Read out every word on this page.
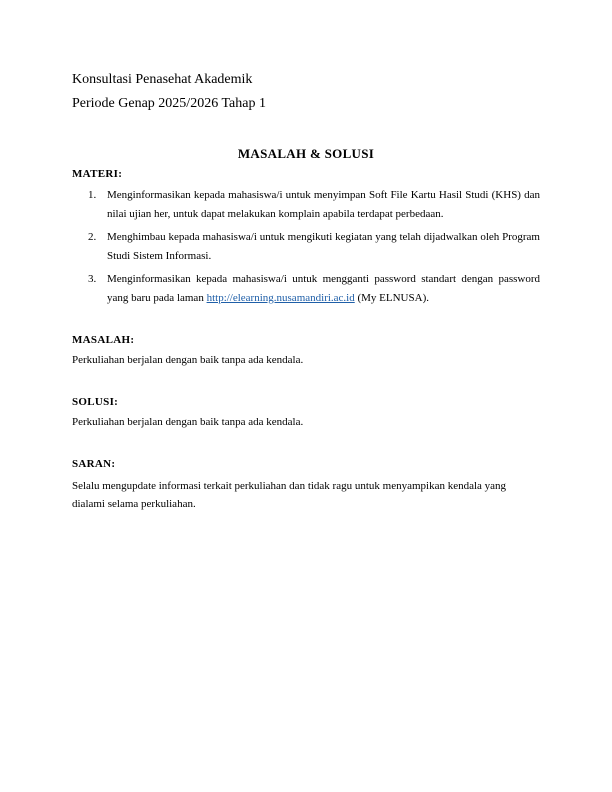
Konsultasi Penasehat Akademik
Periode Genap 2025/2026 Tahap 1
MASALAH & SOLUSI
MATERI:
1. Menginformasikan kepada mahasiswa/i untuk menyimpan Soft File Kartu Hasil Studi (KHS) dan nilai ujian her, untuk dapat melakukan komplain apabila terdapat perbedaan.
2. Menghimbau kepada mahasiswa/i untuk mengikuti kegiatan yang telah dijadwalkan oleh Program Studi Sistem Informasi.
3. Menginformasikan kepada mahasiswa/i untuk mengganti password standart dengan password yang baru pada laman http://elearning.nusamandiri.ac.id (My ELNUSA).
MASALAH:
Perkuliahan berjalan dengan baik tanpa ada kendala.
SOLUSI:
Perkuliahan berjalan dengan baik tanpa ada kendala.
SARAN:
Selalu mengupdate informasi terkait perkuliahan dan tidak ragu untuk menyampikan kendala yang dialami selama perkuliahan.
